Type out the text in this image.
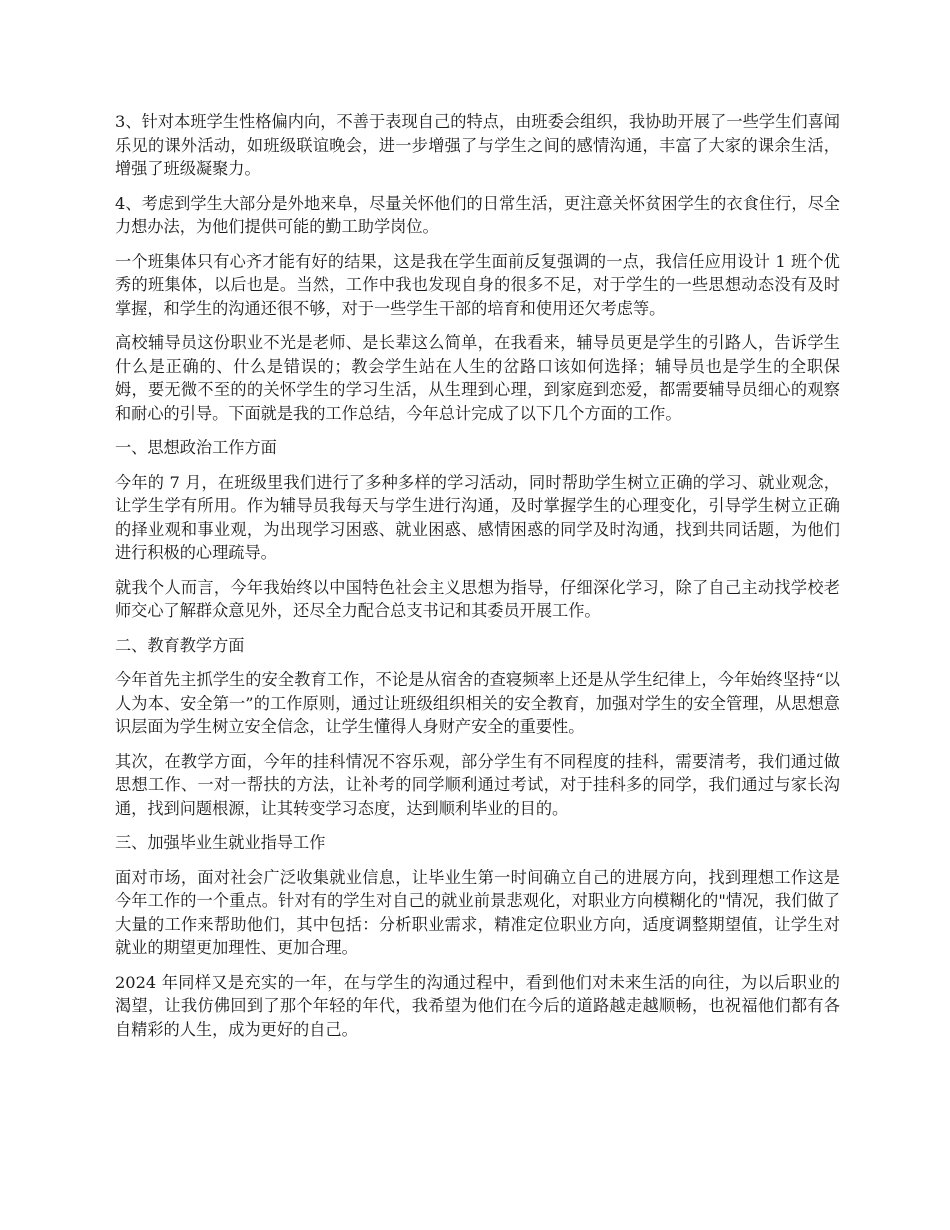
3、针对本班学生性格偏内向，不善于表现自己的特点，由班委会组织，我协助开展了一些学生们喜闻乐见的课外活动，如班级联谊晚会，进一步增强了与学生之间的感情沟通，丰富了大家的课余生活，增强了班级凝聚力。

4、考虑到学生大部分是外地来阜，尽量关怀他们的日常生活，更注意关怀贫困学生的衣食住行，尽全力想办法，为他们提供可能的勤工助学岗位。

一个班集体只有心齐才能有好的结果，这是我在学生面前反复强调的一点，我信任应用设计 1 班个优秀的班集体，以后也是。当然，工作中我也发现自身的很多不足，对于学生的一些思想动态没有及时掌握，和学生的沟通还很不够，对于一些学生干部的培育和使用还欠考虑等。

高校辅导员这份职业不光是老师、是长辈这么简单，在我看来，辅导员更是学生的引路人，告诉学生什么是正确的、什么是错误的；教会学生站在人生的岔路口该如何选择；辅导员也是学生的全职保姆，要无微不至的的关怀学生的学习生活，从生理到心理，到家庭到恋爱，都需要辅导员细心的观察和耐心的引导。下面就是我的工作总结，今年总计完成了以下几个方面的工作。

一、思想政治工作方面

今年的 7 月，在班级里我们进行了多种多样的学习活动，同时帮助学生树立正确的学习、就业观念，让学生学有所用。作为辅导员我每天与学生进行沟通，及时掌握学生的心理变化，引导学生树立正确的择业观和事业观，为出现学习困惑、就业困惑、感情困惑的同学及时沟通，找到共同话题，为他们进行积极的心理疏导。

就我个人而言，今年我始终以中国特色社会主义思想为指导，仔细深化学习，除了自己主动找学校老师交心了解群众意见外，还尽全力配合总支书记和其委员开展工作。

二、教育教学方面

今年首先主抓学生的安全教育工作，不论是从宿舍的查寝频率上还是从学生纪律上，今年始终坚持“以人为本、安全第一”的工作原则，通过让班级组织相关的安全教育，加强对学生的安全管理，从思想意识层面为学生树立安全信念，让学生懂得人身财产安全的重要性。

其次，在教学方面，今年的挂科情况不容乐观，部分学生有不同程度的挂科，需要清考，我们通过做思想工作、一对一帮扶的方法，让补考的同学顺利通过考试，对于挂科多的同学，我们通过与家长沟通，找到问题根源，让其转变学习态度，达到顺利毕业的目的。

三、加强毕业生就业指导工作

面对市场，面对社会广泛收集就业信息，让毕业生第一时间确立自己的进展方向，找到理想工作这是今年工作的一个重点。针对有的学生对自己的就业前景悲观化，对职业方向模糊化的"情况，我们做了大量的工作来帮助他们，其中包括：分析职业需求，精准定位职业方向，适度调整期望值，让学生对就业的期望更加理性、更加合理。

2024 年同样又是充实的一年，在与学生的沟通过程中，看到他们对未来生活的向往，为以后职业的渴望，让我仿佛回到了那个年轻的年代，我希望为他们在今后的道路越走越顺畅，也祝福他们都有各自精彩的人生，成为更好的自己。
